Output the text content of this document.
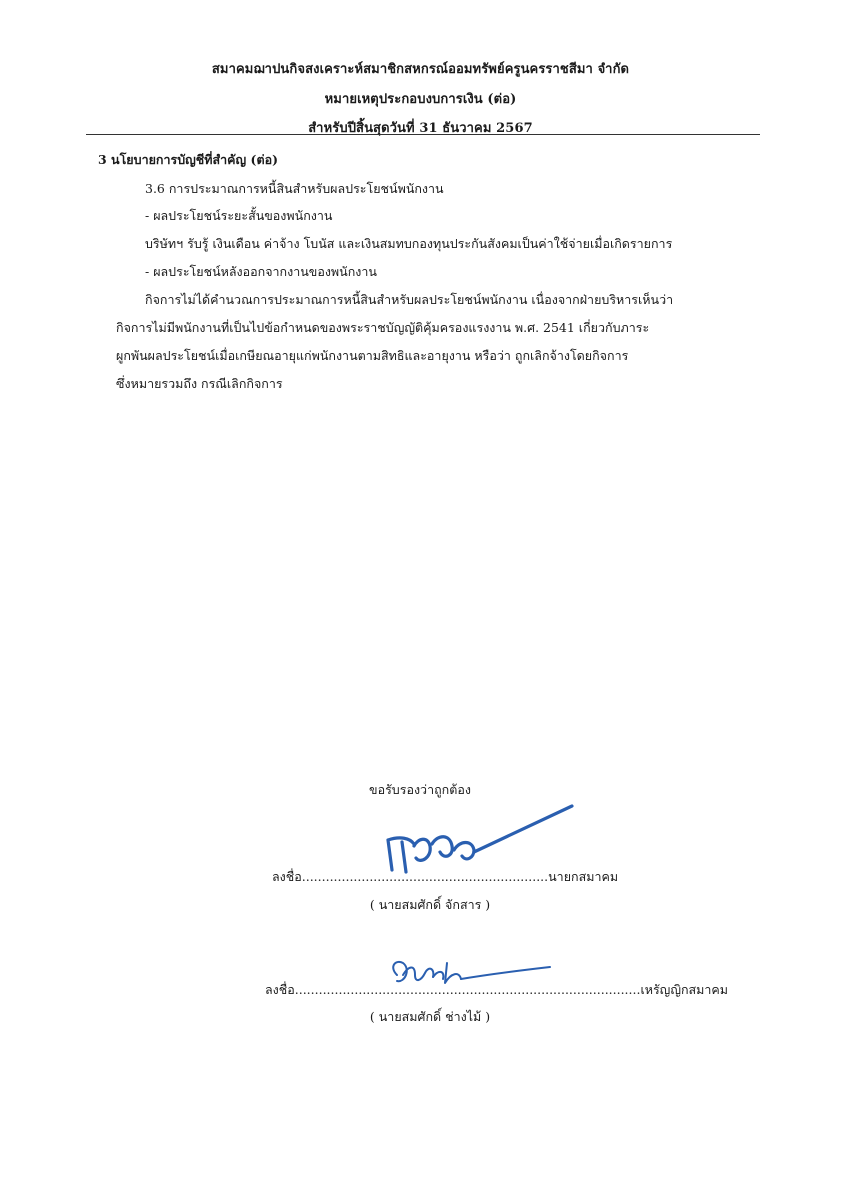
สมาคมฌาปนกิจสงเคราะห์สมาชิกสหกรณ์ออมทรัพย์ครูนครราชสีมา จำกัด
หมายเหตุประกอบงบการเงิน (ต่อ)
สำหรับปีสิ้นสุดวันที่ 31 ธันวาคม 2567
3 นโยบายการบัญชีที่สำคัญ (ต่อ)
3.6 การประมาณการหนี้สินสำหรับผลประโยชน์พนักงาน
- ผลประโยชน์ระยะสั้นของพนักงาน
บริษัทฯ รับรู้ เงินเดือน ค่าจ้าง โบนัส และเงินสมทบกองทุนประกันสังคมเป็นค่าใช้จ่ายเมื่อเกิดรายการ
- ผลประโยชน์หลังออกจากงานของพนักงาน
กิจการไม่ได้คำนวณการประมาณการหนี้สินสำหรับผลประโยชน์พนักงาน เนื่องจากฝ่ายบริหารเห็นว่า
กิจการไม่มีพนักงานที่เป็นไปข้อกำหนดของพระราชบัญญัติคุ้มครองแรงงาน พ.ศ. 2541 เกี่ยวกับภาระ
ผูกพันผลประโยชน์เมื่อเกษียณอายุแก่พนักงานตามสิทธิและอายุงาน หรือว่า ถูกเลิกจ้างโดยกิจการ
ซึ่งหมายรวมถึง กรณีเลิกกิจการ
ขอรับรองว่าถูกต้อง
ลงชื่อ..............................................................นายกสมาคม
( นายสมศักดิ์ จักสาร )
ลงชื่อ.......................................................................................เหรัญญิกสมาคม
( นายสมศักดิ์ ช่างไม้ )
